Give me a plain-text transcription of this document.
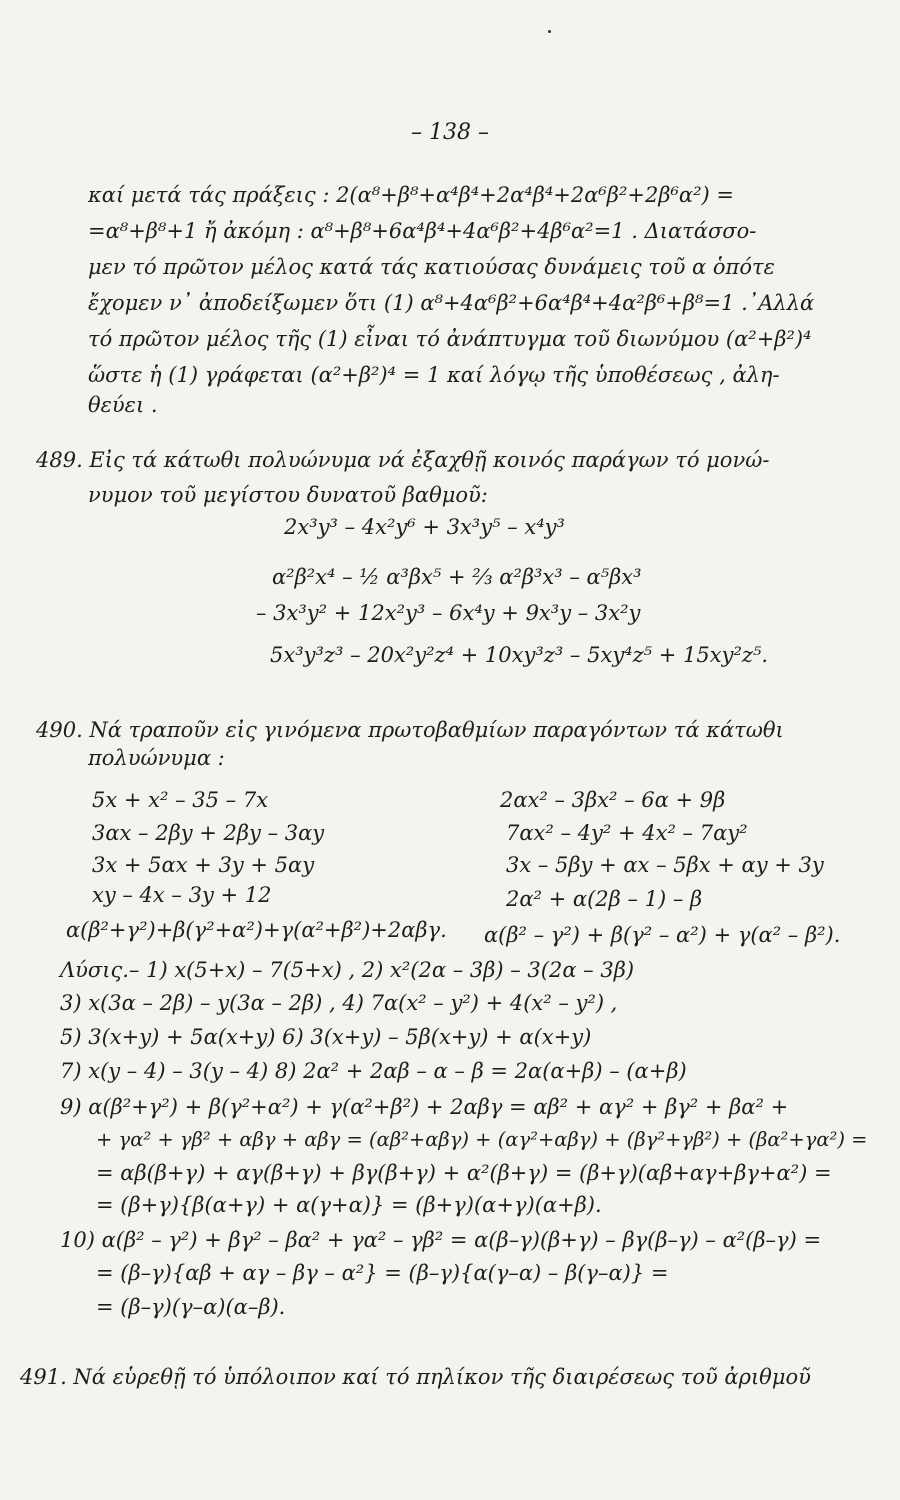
– 138 –
καί μετά τάς πράξεις : 2(α⁸+β⁸+α⁴β⁴+2α⁴β⁴+2α⁶β²+2β⁶α²) =
=α⁸+β⁸+1 ἤ ἀκόμη : α⁸+β⁸+6α⁴β⁴+4α⁶β²+4β⁶α²=1 . Διατάσσο-
μεν τό πρῶτον μέλος κατά τάς κατιούσας δυνάμεις τοῦ α ὁπότε
ἔχομεν ν᾽ ἀποδείξωμεν ὅτι (1) α⁸+4α⁶β²+6α⁴β⁴+4α²β⁶+β⁸=1 .᾽Αλλά
τό πρῶτον μέλος τῆς (1) εἶναι τό ἀνάπτυγμα τοῦ διωνύμου (α²+β²)⁴
ὥστε ἡ (1) γράφεται (α²+β²)⁴ = 1 καί λόγῳ τῆς ὑποθέσεως , ἀλη-
θεύει .
489. Εἰς τά κάτωθι πολυώνυμα νά ἐξαχθῇ κοινός παράγων τό μονώ-
νυμον τοῦ μεγίστου δυνατοῦ βαθμοῦ:
2x³y³ – 4x²y⁶ + 3x³y⁵ – x⁴y³
α²β²x⁴ – ½ α³βx⁵ + ⅔ α²β³x³ – α⁵βx³
– 3x³y² + 12x²y³ – 6x⁴y + 9x³y – 3x²y
5x³y³z³ – 20x²y²z⁴ + 10xy³z³ – 5xy⁴z⁵ + 15xy²z⁵.
490. Νά τραποῦν εἰς γινόμενα πρωτοβαθμίων παραγόντων τά κάτωθι
πολυώνυμα :
5x + x² – 35 – 7x
3αx – 2βy + 2βy – 3αy
3x + 5αx + 3y + 5αy
xy – 4x – 3y + 12
α(β²+γ²)+β(γ²+α²)+γ(α²+β²)+2αβγ.
2αx² – 3βx² – 6α + 9β
7αx² – 4y² + 4x² – 7αy²
3x – 5βy + αx – 5βx + αy + 3y
2α² + α(2β – 1) – β
α(β² – γ²) + β(γ² – α²) + γ(α² – β²).
Λύσις.– 1) x(5+x) – 7(5+x) , 2) x²(2α – 3β) – 3(2α – 3β)
3) x(3α – 2β) – y(3α – 2β) , 4) 7α(x² – y²) + 4(x² – y²) ,
5) 3(x+y) + 5α(x+y) 6) 3(x+y) – 5β(x+y) + α(x+y)
7) x(y – 4) – 3(y – 4) 8) 2α² + 2αβ – α – β = 2α(α+β) – (α+β)
9) α(β²+γ²) + β(γ²+α²) + γ(α²+β²) + 2αβγ = αβ² + αγ² + βγ² + βα² +
+ γα² + γβ² + αβγ + αβγ = (αβ²+αβγ) + (αγ²+αβγ) + (βγ²+γβ²) + (βα²+γα²) =
= αβ(β+γ) + αγ(β+γ) + βγ(β+γ) + α²(β+γ) = (β+γ)(αβ+αγ+βγ+α²) =
= (β+γ){β(α+γ) + α(γ+α)} = (β+γ)(α+γ)(α+β).
10) α(β² – γ²) + βγ² – βα² + γα² – γβ² = α(β–γ)(β+γ) – βγ(β–γ) – α²(β–γ) =
= (β–γ){αβ + αγ – βγ – α²} = (β–γ){α(γ–α) – β(γ–α)} =
= (β–γ)(γ–α)(α–β).
491. Νά εὑρεθῇ τό ὑπόλοιπον καί τό πηλίκον τῆς διαιρέσεως τοῦ ἀριθμοῦ
